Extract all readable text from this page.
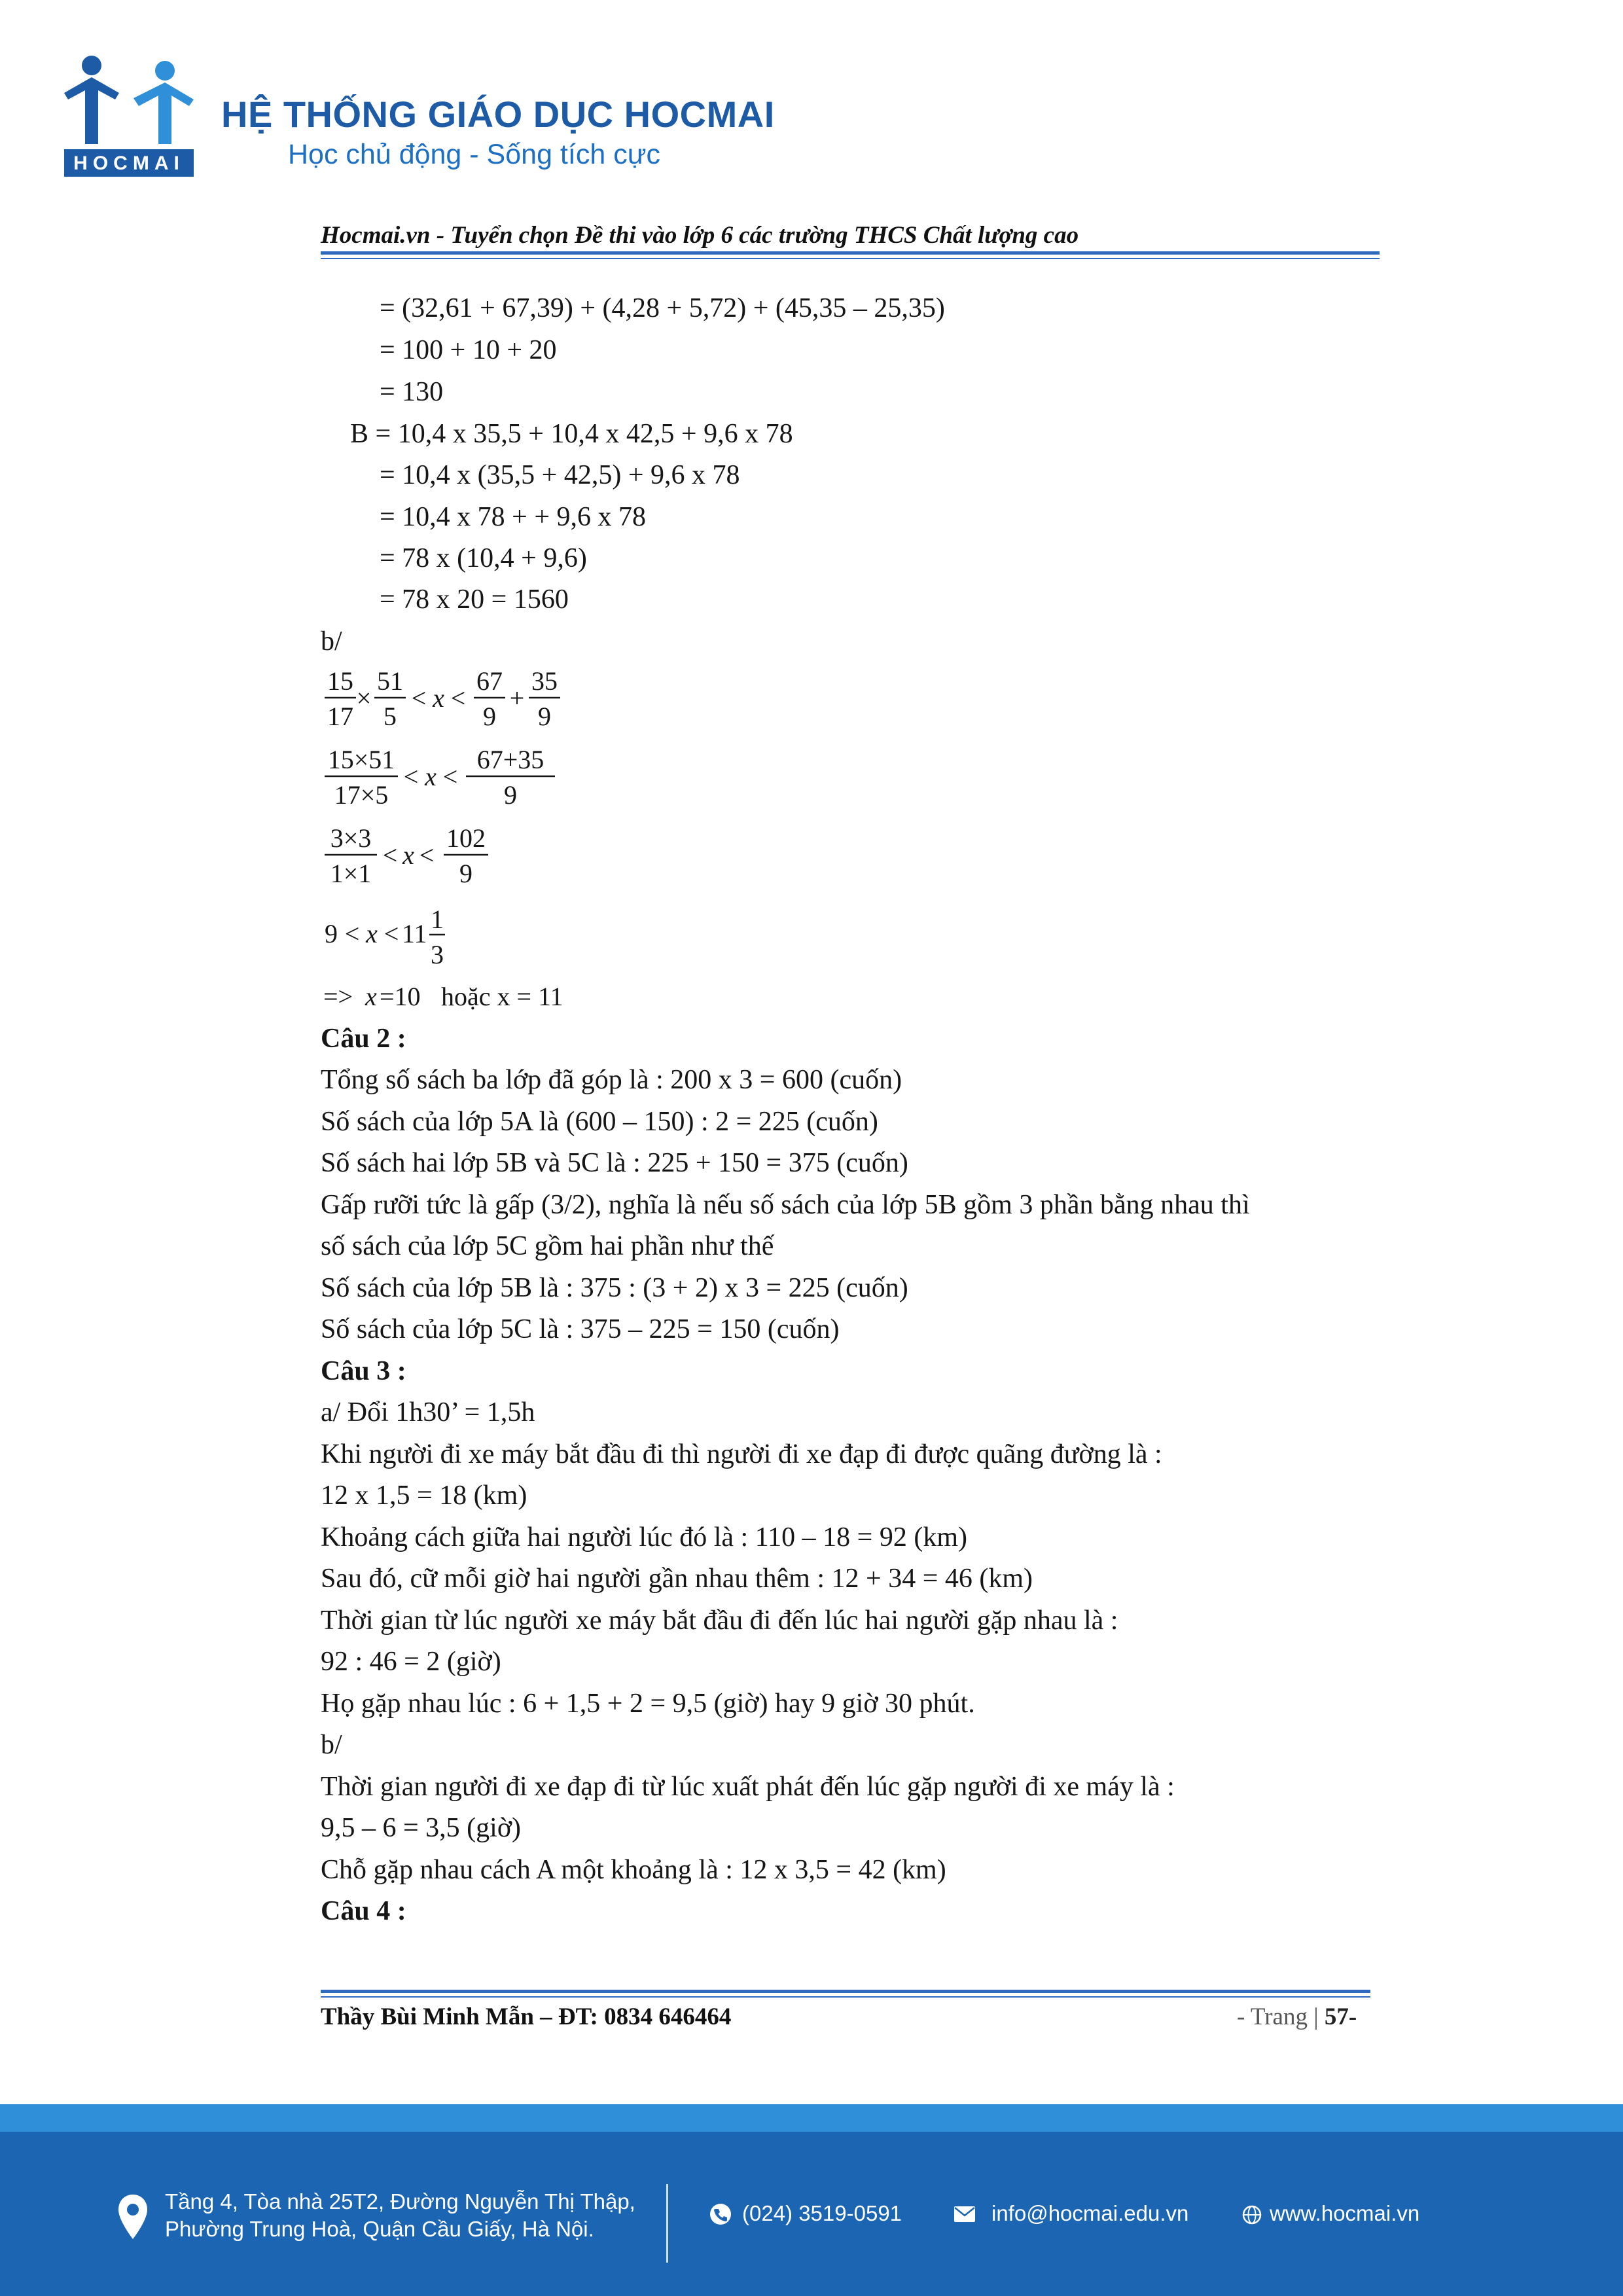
HOCMAI
HỆ THỐNG GIÁO DỤC HOCMAI
Học chủ động - Sống tích cực
Hocmai.vn - Tuyển chọn Đề thi vào lớp 6 các trường THCS Chất lượng cao
= (32,61 + 67,39) + (4,28 + 5,72) + (45,35 – 25,35)
= 100 + 10 + 20
= 130
B = 10,4 x 35,5 + 10,4 x 42,5 + 9,6 x 78
= 10,4 x (35,5 + 42,5) + 9,6 x 78
= 10,4 x 78 + + 9,6 x 78
= 78 x (10,4 + 9,6)
= 78 x 20 = 1560
b/
15
17
×
51
5
< x <
67
9
+
35
9
15×51
17×5
< x <
67+35
9
3×3
1×1
< x <
102
9
9 < x < 11 1
3
=> x =10 hoặc x = 11
Câu 2 :
Tổng số sách ba lớp đã góp là : 200 x 3 = 600 (cuốn)
Số sách của lớp 5A là (600 – 150) : 2 = 225 (cuốn)
Số sách hai lớp 5B và 5C là : 225 + 150 = 375 (cuốn)
Gấp rưỡi tức là gấp (3/2), nghĩa là nếu số sách của lớp 5B gồm 3 phần bằng nhau thì
số sách của lớp 5C gồm hai phần như thế
Số sách của lớp 5B là : 375 : (3 + 2) x 3 = 225 (cuốn)
Số sách của lớp 5C là : 375 – 225 = 150 (cuốn)
Câu 3 :
a/ Đổi 1h30’ = 1,5h
Khi người đi xe máy bắt đầu đi thì người đi xe đạp đi được quãng đường là :
12 x 1,5 = 18 (km)
Khoảng cách giữa hai người lúc đó là : 110 – 18 = 92 (km)
Sau đó, cữ mỗi giờ hai người gần nhau thêm : 12 + 34 = 46 (km)
Thời gian từ lúc người xe máy bắt đầu đi đến lúc hai người gặp nhau là :
92 : 46 = 2 (giờ)
Họ gặp nhau lúc : 6 + 1,5 + 2 = 9,5 (giờ) hay 9 giờ 30 phút.
b/
Thời gian người đi xe đạp đi từ lúc xuất phát đến lúc gặp người đi xe máy là :
9,5 – 6 = 3,5 (giờ)
Chỗ gặp nhau cách A một khoảng là : 12 x 3,5 = 42 (km)
Câu 4 :
Thầy Bùi Minh Mẫn – ĐT: 0834 646464	- Trang | 57-
Tầng 4, Tòa nhà 25T2, Đường Nguyễn Thị Thập,
Phường Trung Hoà, Quận Cầu Giấy, Hà Nội.
(024) 3519-0591	info@hocmai.edu.vn	www.hocmai.vn
